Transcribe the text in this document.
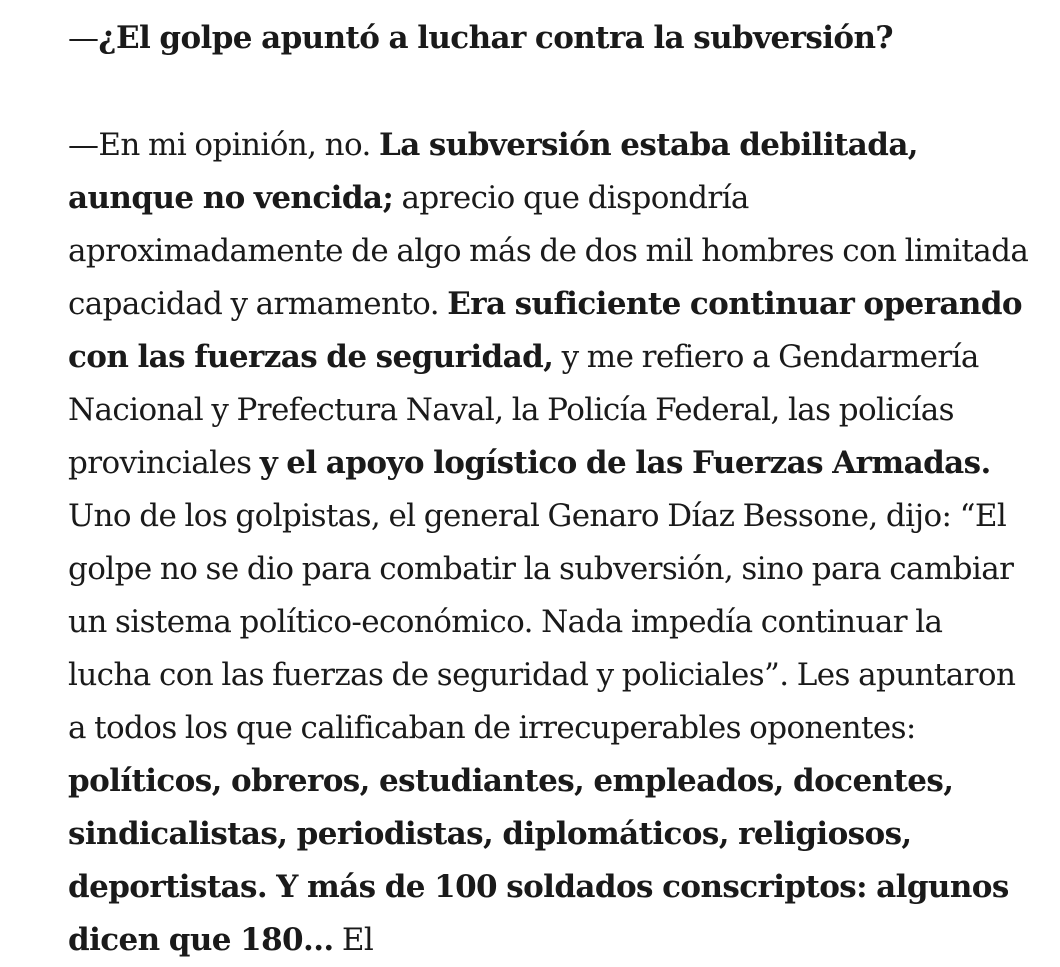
—¿El golpe apuntó a luchar contra la subversión?

—En mi opinión, no. La subversión estaba debilitada, aunque no vencida; aprecio que dispondría aproximadamente de algo más de dos mil hombres con limitada capacidad y armamento. Era suficiente continuar operando con las fuerzas de seguridad, y me refiero a Gendarmería Nacional y Prefectura Naval, la Policía Federal, las policías provinciales y el apoyo logístico de las Fuerzas Armadas. Uno de los golpistas, el general Genaro Díaz Bessone, dijo: “El golpe no se dio para combatir la subversión, sino para cambiar un sistema político-económico. Nada impedía continuar la lucha con las fuerzas de seguridad y policiales”. Les apuntaron a todos los que calificaban de irrecuperables oponentes: políticos, obreros, estudiantes, empleados, docentes, sindicalistas, periodistas, diplomáticos, religiosos, deportistas. Y más de 100 soldados conscriptos: algunos dicen que 180... El
